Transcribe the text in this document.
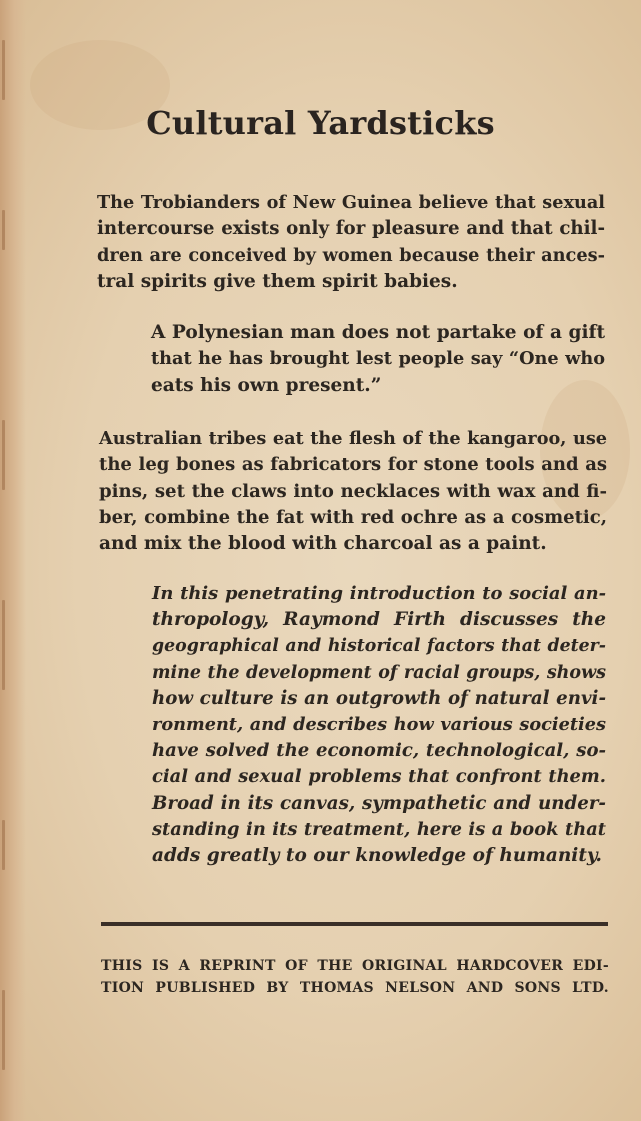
Cultural Yardsticks

The Trobianders of New Guinea believe that sexual
intercourse exists only for pleasure and that chil-
dren are conceived by women because their ances-
tral spirits give them spirit babies.

A Polynesian man does not partake of a gift
that he has brought lest people say “One who
eats his own present.”

Australian tribes eat the flesh of the kangaroo, use
the leg bones as fabricators for stone tools and as
pins, set the claws into necklaces with wax and fi-
ber, combine the fat with red ochre as a cosmetic,
and mix the blood with charcoal as a paint.

In this penetrating introduction to social an-
thropology, Raymond Firth discusses the
geographical and historical factors that deter-
mine the development of racial groups, shows
how culture is an outgrowth of natural envi-
ronment, and describes how various societies
have solved the economic, technological, so-
cial and sexual problems that confront them.
Broad in its canvas, sympathetic and under-
standing in its treatment, here is a book that
adds greatly to our knowledge of humanity.

THIS IS A REPRINT OF THE ORIGINAL HARDCOVER EDI-
TION PUBLISHED BY THOMAS NELSON AND SONS LTD.
